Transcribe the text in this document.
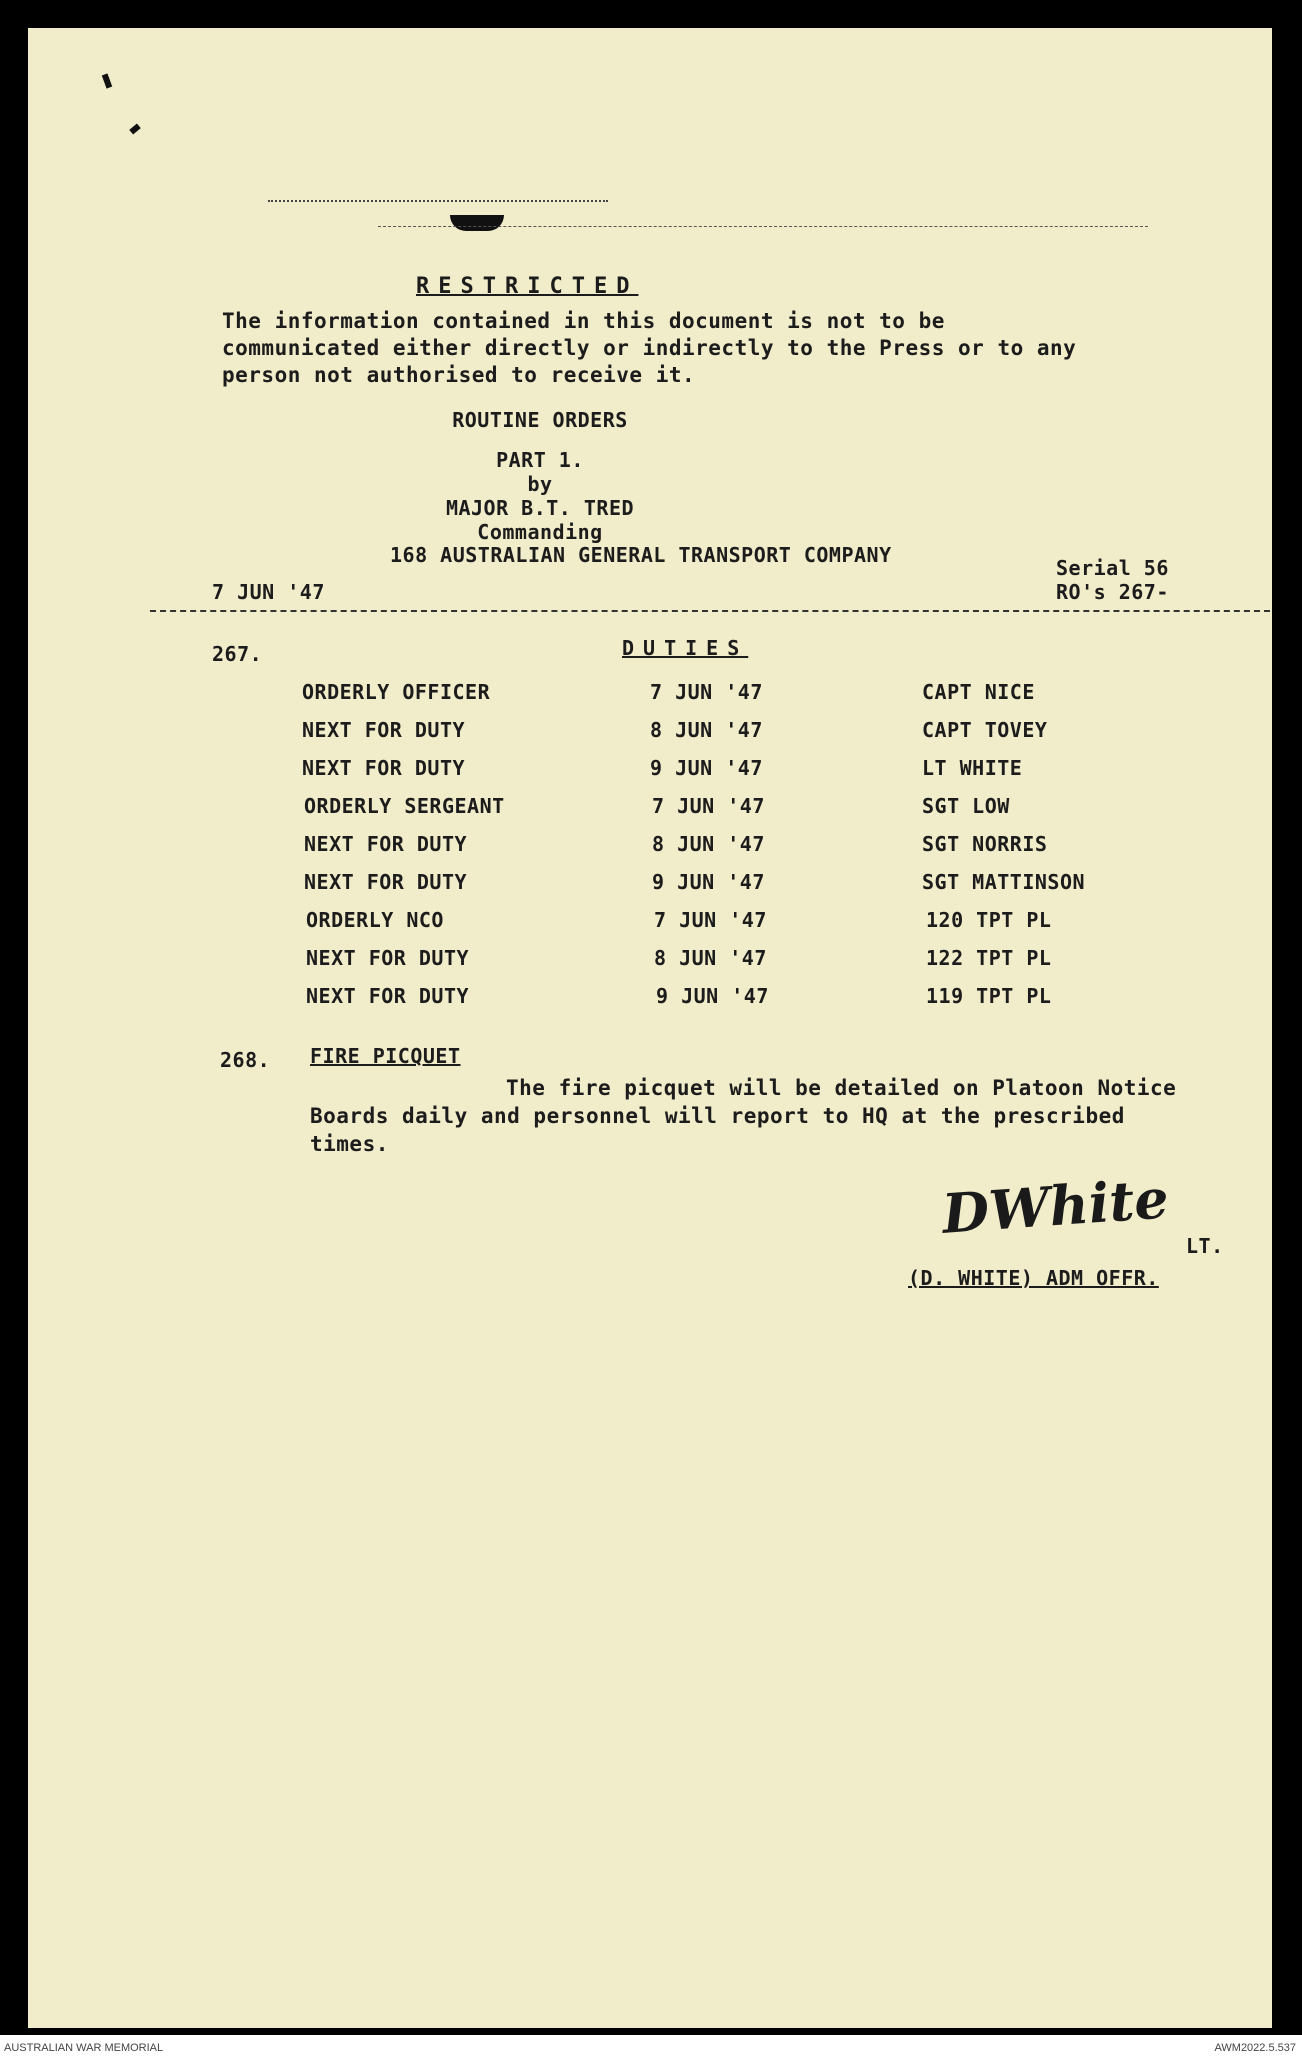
RESTRICTED
The information contained in this document is not to be communicated either directly or indirectly to the Press or to any person not authorised to receive it.
ROUTINE ORDERS
PART 1.
by
MAJOR B.T. TRED
Commanding
168 AUSTRALIAN GENERAL TRANSPORT COMPANY
Serial 56
RO's 267-
7 JUN '47
267.	DUTIES
ORDERLY OFFICER	7 JUN '47	CAPT NICE
NEXT FOR DUTY	8 JUN '47	CAPT TOVEY
NEXT FOR DUTY	9 JUN '47	LT WHITE
ORDERLY SERGEANT	7 JUN '47	SGT LOW
NEXT FOR DUTY	8 JUN '47	SGT NORRIS
NEXT FOR DUTY	9 JUN '47	SGT MATTINSON
ORDERLY NCO	7 JUN '47	120 TPT PL
NEXT FOR DUTY	8 JUN '47	122 TPT PL
NEXT FOR DUTY	9 JUN '47	119 TPT PL
268. FIRE PICQUET
The fire picquet will be detailed on Platoon Notice Boards daily and personnel will report to HQ at the prescribed times.
DWhite
LT.
(D. WHITE) ADM OFFR.
AUSTRALIAN WAR MEMORIAL	AWM2022.5.537
